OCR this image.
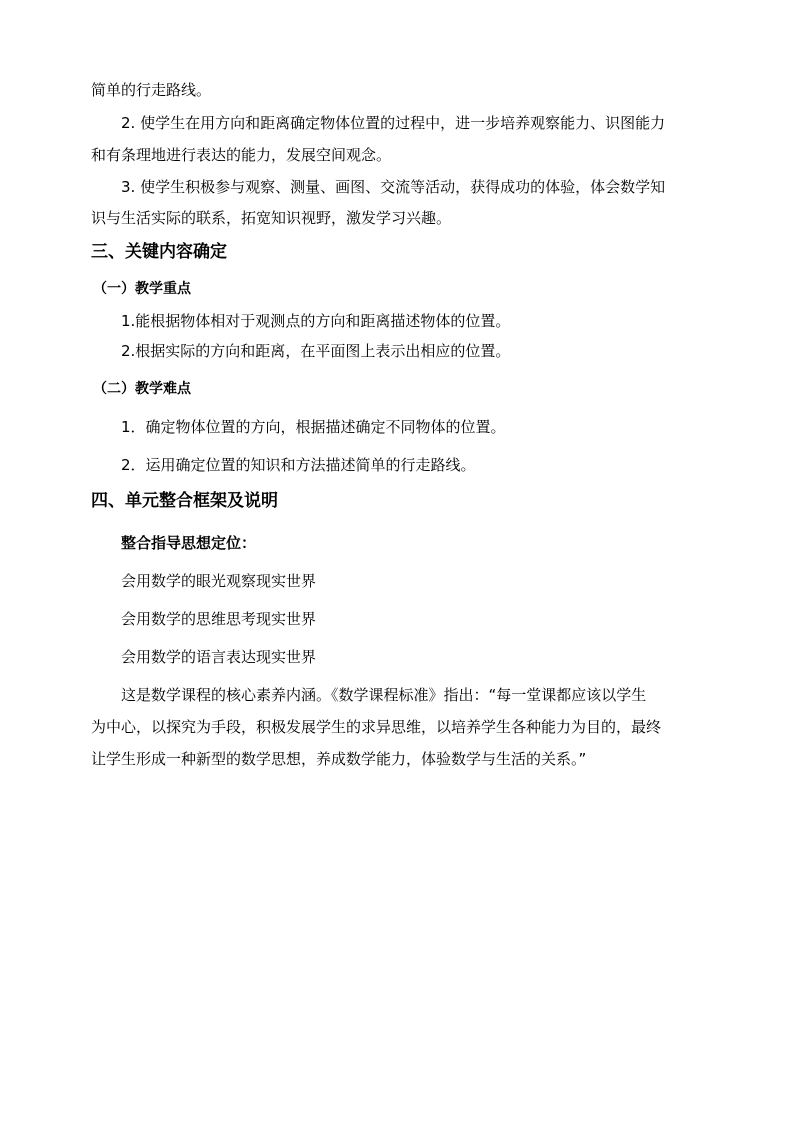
简单的行走路线。
2. 使学生在用方向和距离确定物体位置的过程中，进一步培养观察能力、识图能力
和有条理地进行表达的能力，发展空间观念。
3. 使学生积极参与观察、测量、画图、交流等活动，获得成功的体验，体会数学知
识与生活实际的联系，拓宽知识视野，激发学习兴趣。
三、关键内容确定
（一）教学重点
1.能根据物体相对于观测点的方向和距离描述物体的位置。
2.根据实际的方向和距离，在平面图上表示出相应的位置。
（二）教学难点
1．确定物体位置的方向，根据描述确定不同物体的位置。
2．运用确定位置的知识和方法描述简单的行走路线。
四、单元整合框架及说明
整合指导思想定位：
会用数学的眼光观察现实世界
会用数学的思维思考现实世界
会用数学的语言表达现实世界
这是数学课程的核心素养内涵。《数学课程标准》指出：“每一堂课都应该以学生
为中心，以探究为手段，积极发展学生的求异思维，以培养学生各种能力为目的，最终
让学生形成一种新型的数学思想，养成数学能力，体验数学与生活的关系。”
